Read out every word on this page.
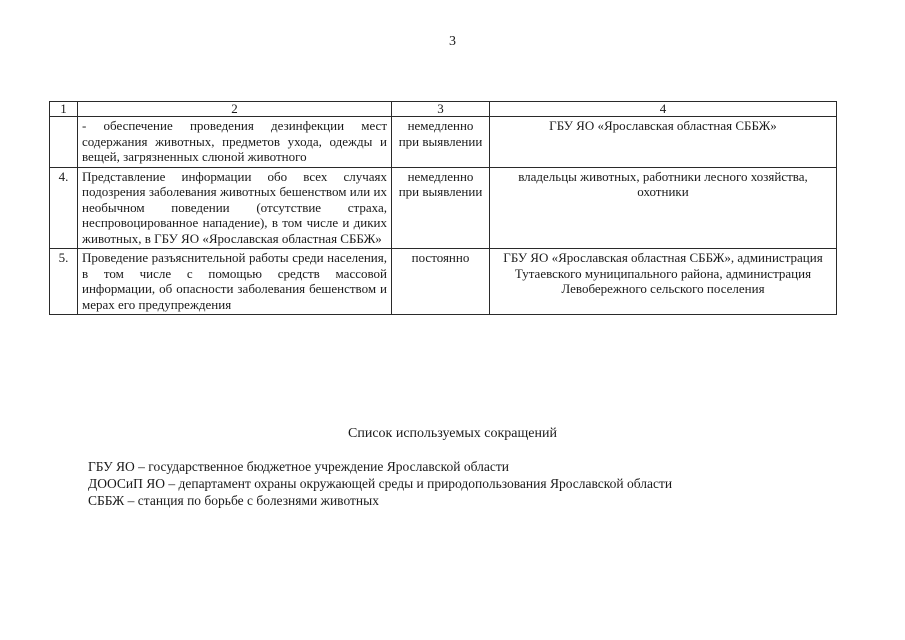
3
1	2	3	4
	- обеспечение проведения дезинфекции мест содержания животных, предметов ухода, одежды и вещей, загрязненных слюной животного	немедленно при выявлении	ГБУ ЯО «Ярославская областная СББЖ»
4.	Представление информации обо всех случаях подозрения заболевания животных бешенством или их необычном поведении (отсутствие страха, неспровоцированное нападение), в том числе и диких животных, в ГБУ ЯО «Ярославская областная СББЖ»	немедленно при выявлении	владельцы животных, работники лесного хозяйства, охотники
5.	Проведение разъяснительной работы среди населения, в том числе с помощью средств массовой информации, об опасности заболевания бешенством и мерах его предупреждения	постоянно	ГБУ ЯО «Ярославская областная СББЖ», администрация Тутаевского муниципального района, администрация Левобережного сельского поселения
Список используемых сокращений
ГБУ ЯО – государственное бюджетное учреждение Ярославской области
ДООСиП ЯО – департамент охраны окружающей среды и природопользования Ярославской области
СББЖ – станция по борьбе с болезнями животных
